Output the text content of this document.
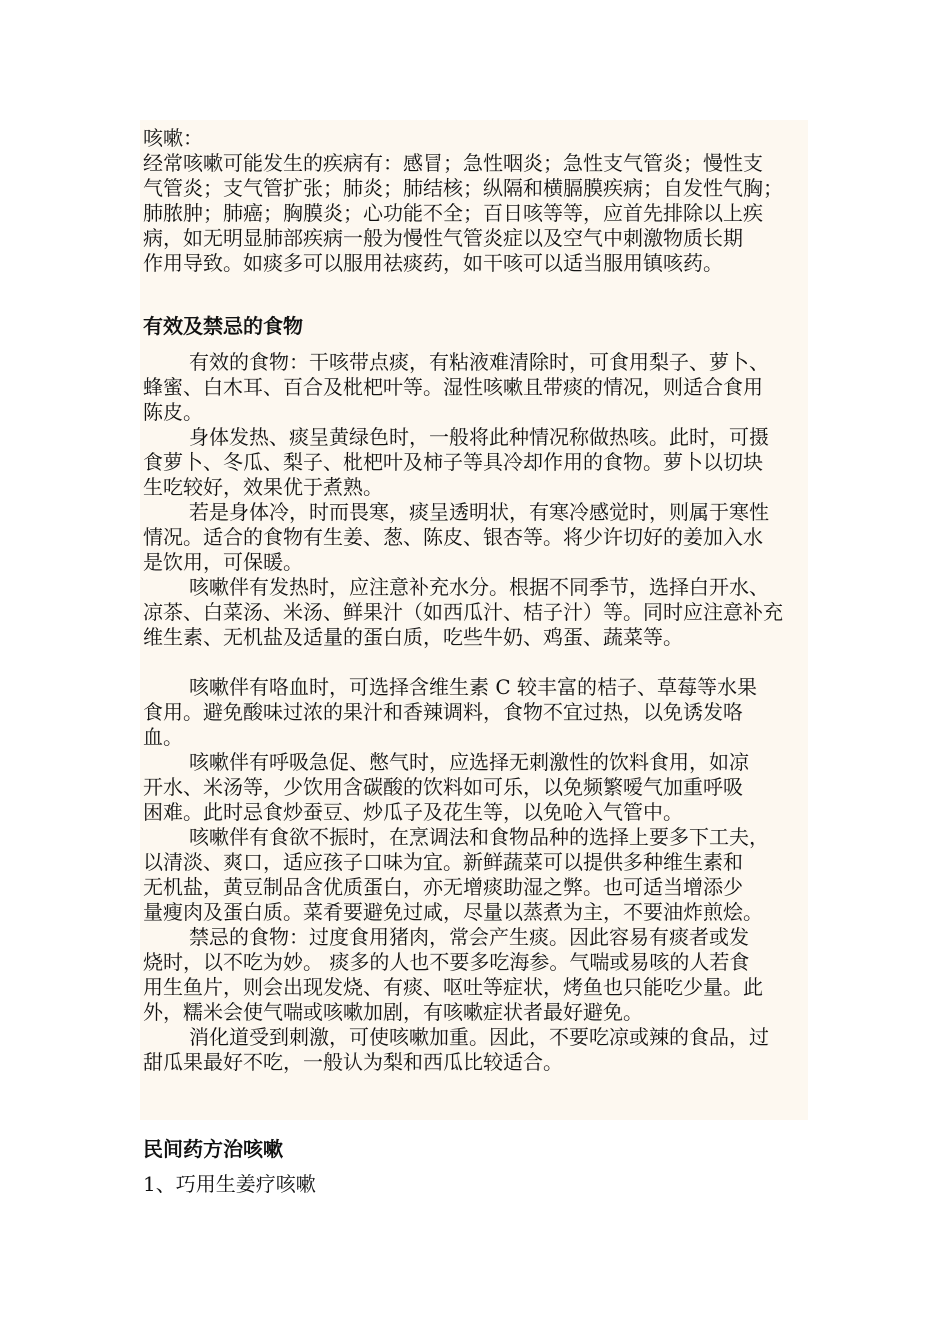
咳嗽：
经常咳嗽可能发生的疾病有：感冒；急性咽炎；急性支气管炎；慢性支
气管炎；支气管扩张；肺炎；肺结核；纵隔和横膈膜疾病；自发性气胸；
肺脓肿；肺癌；胸膜炎；心功能不全；百日咳等等，应首先排除以上疾
病，如无明显肺部疾病一般为慢性气管炎症以及空气中刺激物质长期
作用导致。如痰多可以服用祛痰药，如干咳可以适当服用镇咳药。
有效及禁忌的食物
有效的食物：干咳带点痰，有粘液难清除时，可食用梨子、萝卜、
蜂蜜、白木耳、百合及枇杷叶等。湿性咳嗽且带痰的情况，则适合食用
陈皮。
身体发热、痰呈黄绿色时，一般将此种情况称做热咳。此时，可摄
食萝卜、冬瓜、梨子、枇杷叶及柿子等具冷却作用的食物。萝卜以切块
生吃较好，效果优于煮熟。
若是身体冷，时而畏寒，痰呈透明状，有寒冷感觉时，则属于寒性
情况。适合的食物有生姜、葱、陈皮、银杏等。将少许切好的姜加入水
是饮用，可保暖。
咳嗽伴有发热时，应注意补充水分。根据不同季节，选择白开水、
凉茶、白菜汤、米汤、鲜果汁（如西瓜汁、桔子汁）等。同时应注意补充
维生素、无机盐及适量的蛋白质，吃些牛奶、鸡蛋、蔬菜等。
咳嗽伴有咯血时，可选择含维生素 C 较丰富的桔子、草莓等水果
食用。避免酸味过浓的果汁和香辣调料，食物不宜过热，以免诱发咯
血。
咳嗽伴有呼吸急促、憋气时，应选择无刺激性的饮料食用，如凉
开水、米汤等，少饮用含碳酸的饮料如可乐，以免频繁嗳气加重呼吸
困难。此时忌食炒蚕豆、炒瓜子及花生等，以免呛入气管中。
咳嗽伴有食欲不振时，在烹调法和食物品种的选择上要多下工夫，
以清淡、爽口，适应孩子口味为宜。新鲜蔬菜可以提供多种维生素和
无机盐，黄豆制品含优质蛋白，亦无增痰助湿之弊。也可适当增添少
量瘦肉及蛋白质。菜肴要避免过咸，尽量以蒸煮为主，不要油炸煎烩。
禁忌的食物：过度食用猪肉，常会产生痰。因此容易有痰者或发
烧时，以不吃为妙。 痰多的人也不要多吃海参。气喘或易咳的人若食
用生鱼片，则会出现发烧、有痰、呕吐等症状，烤鱼也只能吃少量。此
外，糯米会使气喘或咳嗽加剧，有咳嗽症状者最好避免。
消化道受到刺激，可使咳嗽加重。因此，不要吃凉或辣的食品，过
甜瓜果最好不吃，一般认为梨和西瓜比较适合。
民间药方治咳嗽
1、巧用生姜疗咳嗽
